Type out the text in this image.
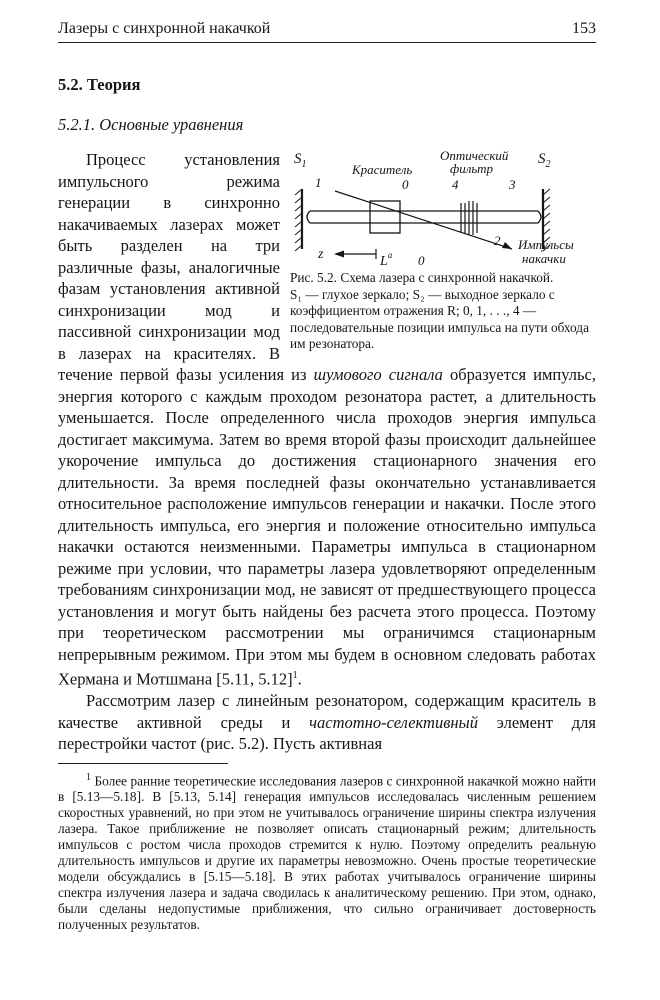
Лазеры с синхронной накачкой	153
5.2. Теория
5.2.1. Основные уравнения
$S_1$	$S_2$
Краситель
Оптический
фильтр
1	0	4	3
2
z	$L^a$ 0
Импульсы
накачки
Рис. 5.2. Схема лазера с синхронной накачкой.
S₁ — глухое зеркало; S₂ — выходное зеркало с коэффициентом отражения R; 0, 1, . . ., 4 — последовательные позиции импульса на пути обхода им резонатора.

Процесс установления импульсного режима генерации в синхронно накачиваемых лазерах может быть разделен на три различные фазы, аналогичные фазам установления активной синхронизации мод и пассивной синхронизации мод в лазерах на красителях. В течение первой фазы усиления из шумового сигнала образуется импульс, энергия которого с каждым проходом резонатора растет, а длительность уменьшается. После определенного числа проходов энергия импульса достигает максимума. Затем во время второй фазы происходит дальнейшее укорочение импульса до достижения стационарного значения его длительности. За время последней фазы окончательно устанавливается относительное расположение импульсов генерации и накачки. После этого длительность импульса, его энергия и положение относительно импульса накачки остаются неизменными. Параметры импульса в стационарном режиме при условии, что параметры лазера удовлетворяют определенным требованиям синхронизации мод, не зависят от предшествующего процесса установления и могут быть найдены без расчета этого процесса. Поэтому при теоретическом рассмотрении мы ограничимся стационарным непрерывным режимом. При этом мы будем в основном следовать работах Хермана и Мотшмана [5.11, 5.12]$^1$.

Рассмотрим лазер с линейным резонатором, содержащим краситель в качестве активной среды и частотно-селективный элемент для перестройки частот (рис. 5.2). Пусть активная

$^1$ Более ранние теоретические исследования лазеров с синхронной накачкой можно найти в [5.13—5.18]. В [5.13, 5.14] генерация импульсов исследовалась численным решением скоростных уравнений, но при этом не учитывалось ограничение ширины спектра излучения лазера. Такое приближение не позволяет описать стационарный режим; длительность импульсов с ростом числа проходов стремится к нулю. Поэтому определить реальную длительность импульсов и другие их параметры невозможно. Очень простые теоретические модели обсуждались в [5.15—5.18]. В этих работах учитывалось ограничение ширины спектра излучения лазера и задача сводилась к аналитическому решению. При этом, однако, были сделаны недопустимые приближения, что сильно ограничивает достоверность полученных результатов.
